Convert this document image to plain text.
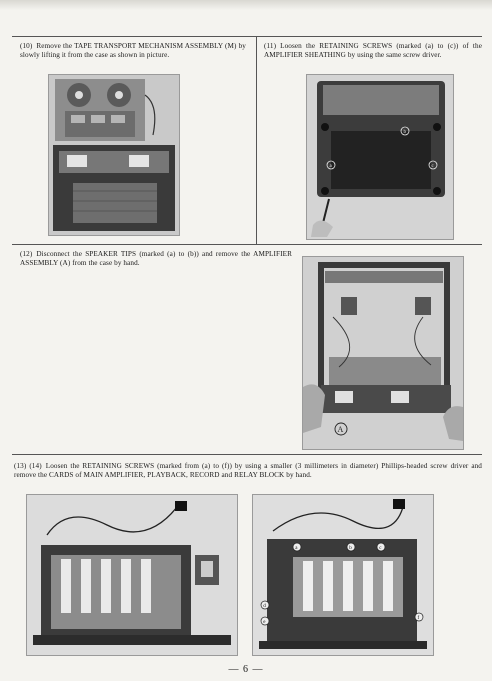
(10) Remove the TAPE TRANSPORT MECHANISM ASSEMBLY (M) by slowly lifting it from the case as shown in picture.
(11) Loosen the RETAINING SCREWS (marked (a) to (c)) of the AMPLIFIER SHEATHING by using the same screw driver.
b
a	c
(12) Disconnect the SPEAKER TIPS (marked (a) to (b)) and remove the AMPLIFIER ASSEMBLY (A) from the case by hand.
A
(13) (14) Loosen the RETAINING SCREWS (marked from (a) to (f)) by using a smaller (3 millimeters in diameter) Phillips-headed screw driver and remove the CARDS of MAIN AMPLIFIER, PLAYBACK, RECORD and RELAY BLOCK by hand.
a	b	c
d
e
f
— 6 —
